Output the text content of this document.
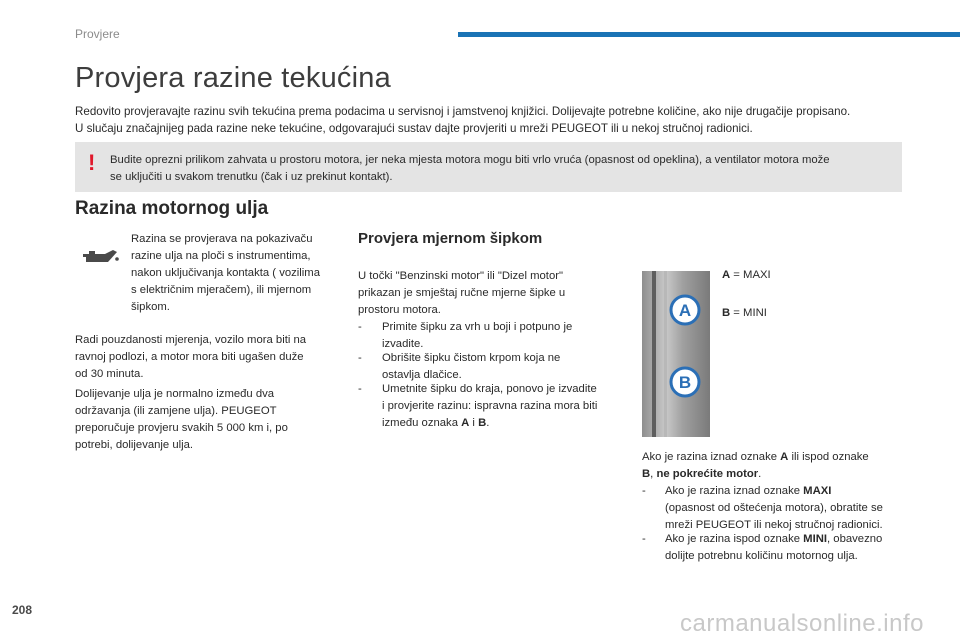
Provjere
Provjera razine tekućina
Redovito provjeravajte razinu svih tekućina prema podacima u servisnoj i jamstvenoj knjižici. Dolijevajte potrebne količine, ako nije drugačije propisano.
U slučaju značajnijeg pada razine neke tekućine, odgovarajući sustav dajte provjeriti u mreži PEUGEOT ili u nekoj stručnoj radionici.
! Budite oprezni prilikom zahvata u prostoru motora, jer neka mjesta motora mogu biti vrlo vruća (opasnost od opeklina), a ventilator motora može
se uključiti u svakom trenutku (čak i uz prekinut kontakt).
Razina motornog ulja
Razina se provjerava na pokazivaču
razine ulja na ploči s instrumentima,
nakon uključivanja kontakta ( vozilima
s električnim mjeračem), ili mjernom
šipkom.
Radi pouzdanosti mjerenja, vozilo mora biti na
ravnoj podlozi, a motor mora biti ugašen duže
od 30 minuta.
Dolijevanje ulja je normalno između dva
održavanja (ili zamjene ulja). PEUGEOT
preporučuje provjeru svakih 5 000 km i, po
potrebi, dolijevanje ulja.
Provjera mjernom šipkom
U točki "Benzinski motor" ili "Dizel motor"
prikazan je smještaj ručne mjerne šipke u
prostoru motora.
- Primite šipku za vrh u boji i potpuno je
izvadite.
- Obrišite šipku čistom krpom koja ne
ostavlja dlačice.
- Umetnite šipku do kraja, ponovo je izvadite
i provjerite razinu: ispravna razina mora biti
između oznaka A i B.
A
B
A = MAXI
B = MINI
Ako je razina iznad oznake A ili ispod oznake
B, ne pokrećite motor.
- Ako je razina iznad oznake MAXI
(opasnost od oštećenja motora), obratite se
mreži PEUGEOT ili nekoj stručnoj radionici.
- Ako je razina ispod oznake MINI, obavezno
dolijte potrebnu količinu motornog ulja.
208	carmanualsonline.info
